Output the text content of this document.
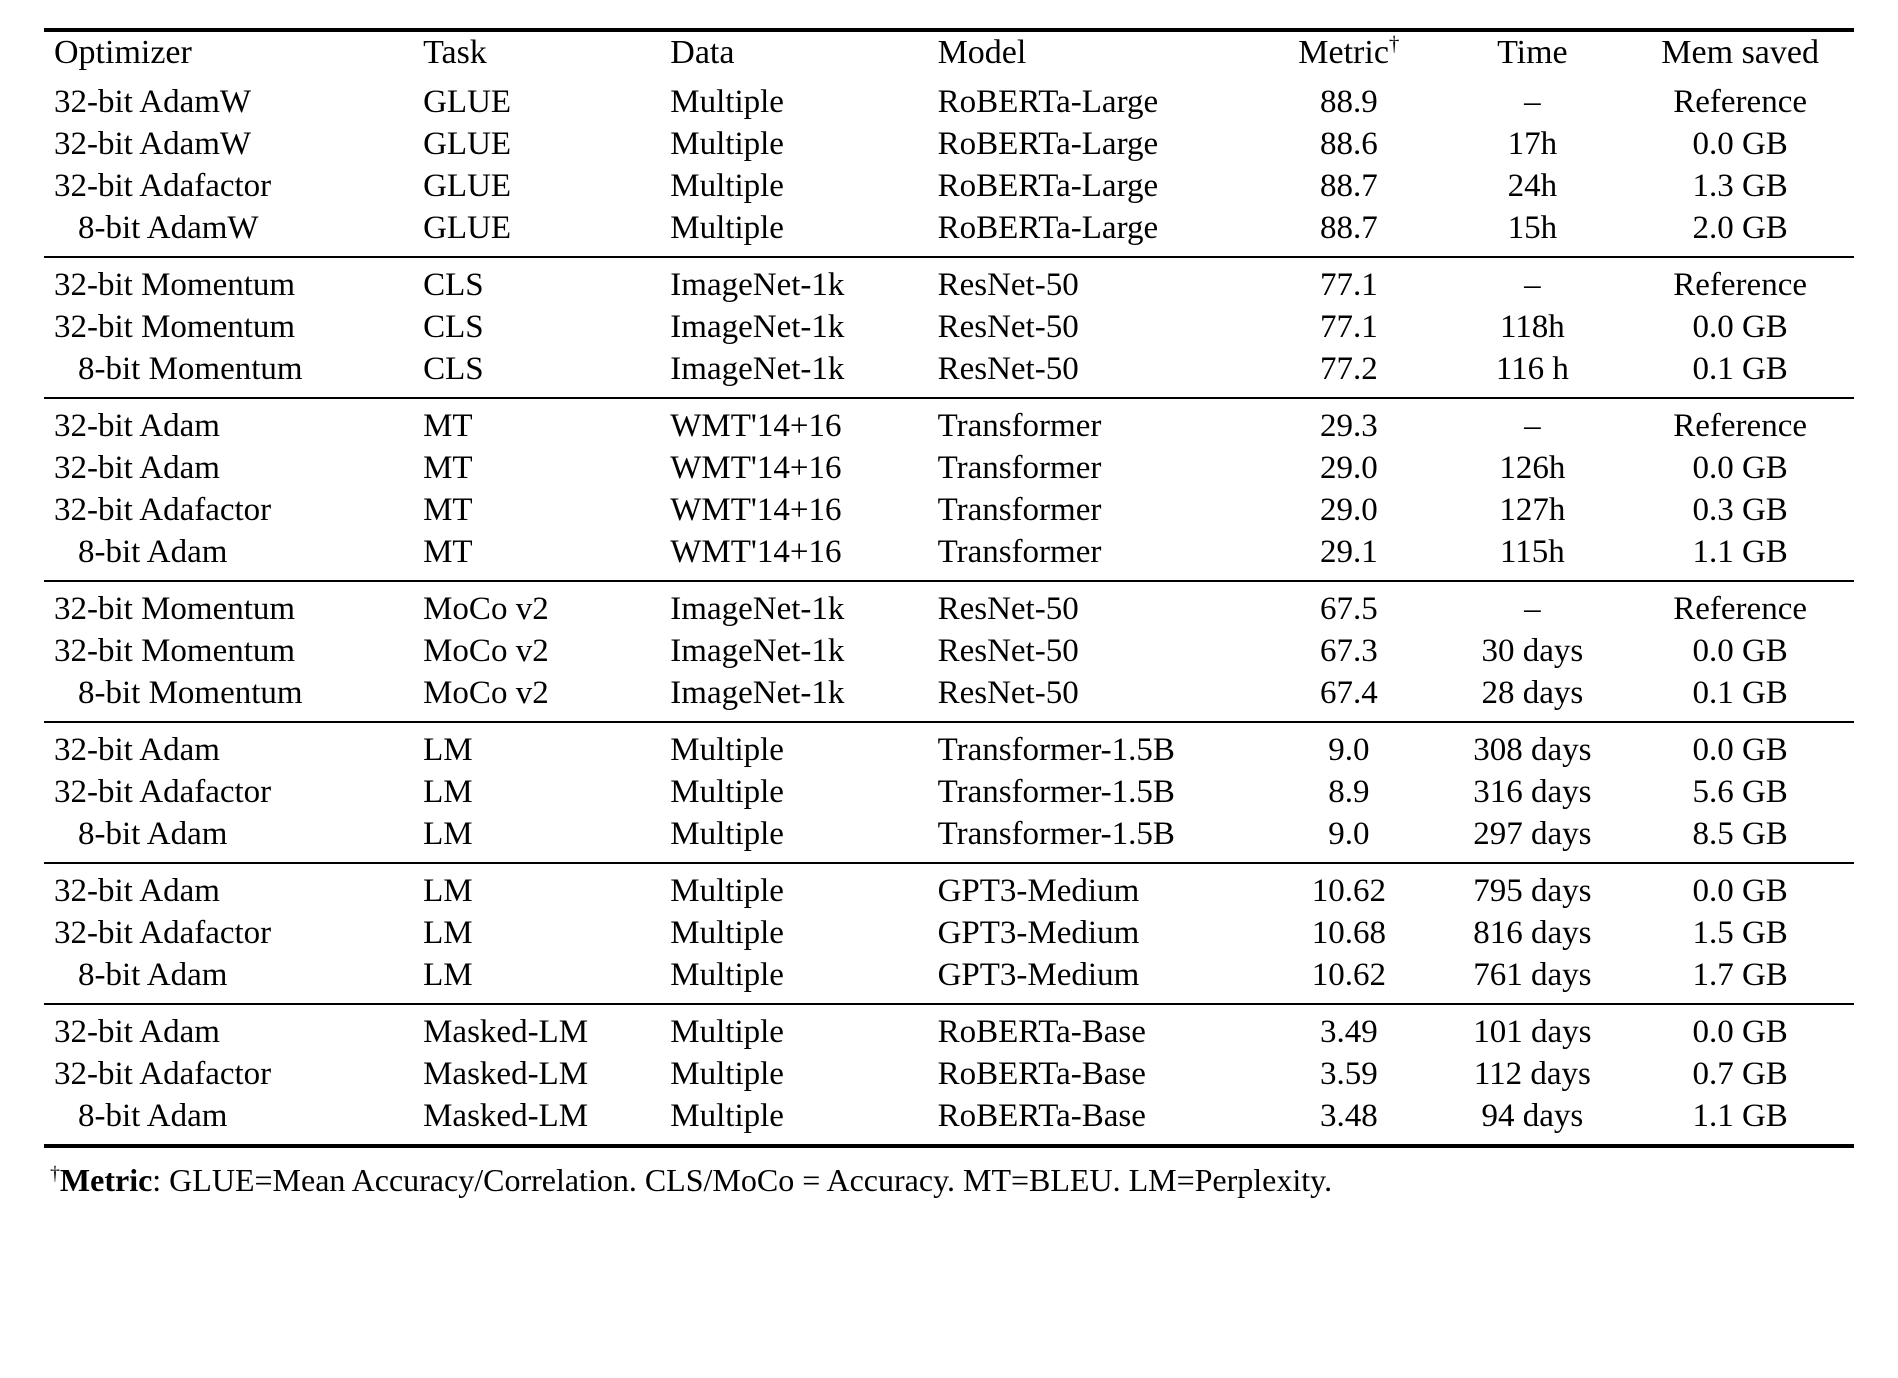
Optimizer	Task	Data	Model	Metric†	Time	Mem saved
32-bit AdamW	GLUE	Multiple	RoBERTa-Large	88.9	–	Reference
32-bit AdamW	GLUE	Multiple	RoBERTa-Large	88.6	17h	0.0 GB
32-bit Adafactor	GLUE	Multiple	RoBERTa-Large	88.7	24h	1.3 GB
8-bit AdamW	GLUE	Multiple	RoBERTa-Large	88.7	15h	2.0 GB
32-bit Momentum	CLS	ImageNet-1k	ResNet-50	77.1	–	Reference
32-bit Momentum	CLS	ImageNet-1k	ResNet-50	77.1	118h	0.0 GB
8-bit Momentum	CLS	ImageNet-1k	ResNet-50	77.2	116 h	0.1 GB
32-bit Adam	MT	WMT'14+16	Transformer	29.3	–	Reference
32-bit Adam	MT	WMT'14+16	Transformer	29.0	126h	0.0 GB
32-bit Adafactor	MT	WMT'14+16	Transformer	29.0	127h	0.3 GB
8-bit Adam	MT	WMT'14+16	Transformer	29.1	115h	1.1 GB
32-bit Momentum	MoCo v2	ImageNet-1k	ResNet-50	67.5	–	Reference
32-bit Momentum	MoCo v2	ImageNet-1k	ResNet-50	67.3	30 days	0.0 GB
8-bit Momentum	MoCo v2	ImageNet-1k	ResNet-50	67.4	28 days	0.1 GB
32-bit Adam	LM	Multiple	Transformer-1.5B	9.0	308 days	0.0 GB
32-bit Adafactor	LM	Multiple	Transformer-1.5B	8.9	316 days	5.6 GB
8-bit Adam	LM	Multiple	Transformer-1.5B	9.0	297 days	8.5 GB
32-bit Adam	LM	Multiple	GPT3-Medium	10.62	795 days	0.0 GB
32-bit Adafactor	LM	Multiple	GPT3-Medium	10.68	816 days	1.5 GB
8-bit Adam	LM	Multiple	GPT3-Medium	10.62	761 days	1.7 GB
32-bit Adam	Masked-LM	Multiple	RoBERTa-Base	3.49	101 days	0.0 GB
32-bit Adafactor	Masked-LM	Multiple	RoBERTa-Base	3.59	112 days	0.7 GB
8-bit Adam	Masked-LM	Multiple	RoBERTa-Base	3.48	94 days	1.1 GB
†Metric: GLUE=Mean Accuracy/Correlation. CLS/MoCo = Accuracy. MT=BLEU. LM=Perplexity.
